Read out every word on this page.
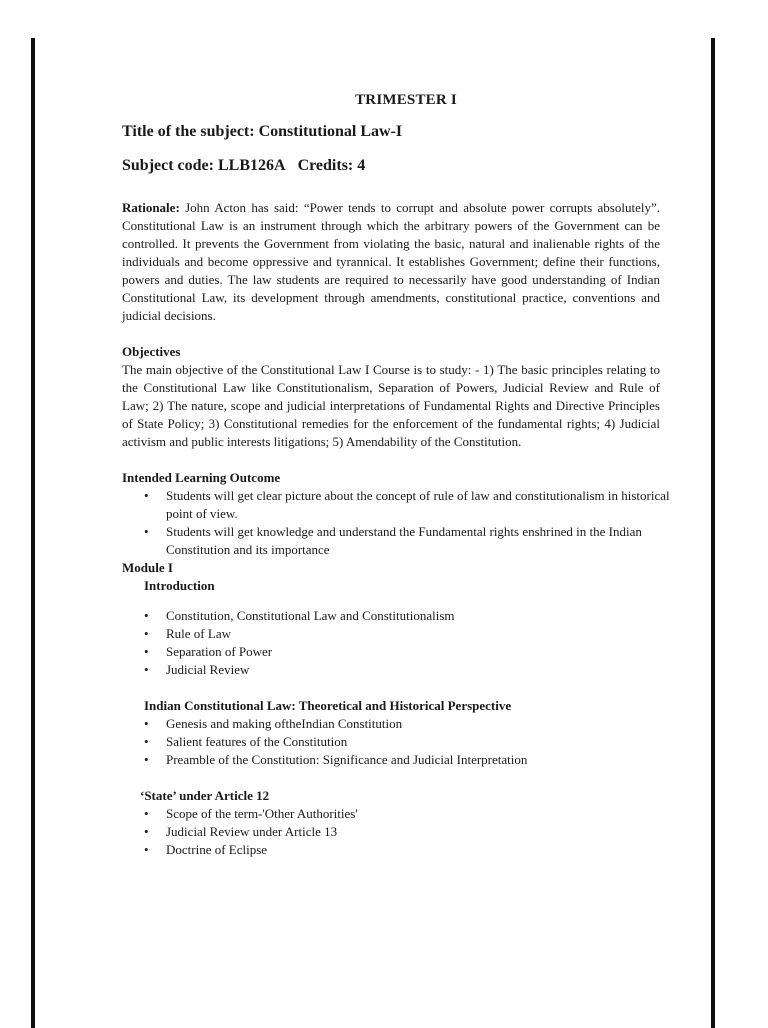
TRIMESTER I

Title of the subject: Constitutional Law-I

Subject code: LLB126A Credits: 4

Rationale: John Acton has said: “Power tends to corrupt and absolute power corrupts absolutely”. Constitutional Law is an instrument through which the arbitrary powers of the Government can be controlled. It prevents the Government from violating the basic, natural and inalienable rights of the individuals and become oppressive and tyrannical. It establishes Government; define their functions, powers and duties. The law students are required to necessarily have good understanding of Indian Constitutional Law, its development through amendments, constitutional practice, conventions and judicial decisions.

Objectives

The main objective of the Constitutional Law I Course is to study: - 1) The basic principles relating to the Constitutional Law like Constitutionalism, Separation of Powers, Judicial Review and Rule of Law; 2) The nature, scope and judicial interpretations of Fundamental Rights and Directive Principles of State Policy; 3) Constitutional remedies for the enforcement of the fundamental rights; 4) Judicial activism and public interests litigations; 5) Amendability of the Constitution.

Intended Learning Outcome

• Students will get clear picture about the concept of rule of law and constitutionalism in historical point of view.
• Students will get knowledge and understand the Fundamental rights enshrined in the Indian Constitution and its importance

Module I

Introduction

• Constitution, Constitutional Law and Constitutionalism
• Rule of Law
• Separation of Power
• Judicial Review

Indian Constitutional Law: Theoretical and Historical Perspective

• Genesis and making oftheIndian Constitution
• Salient features of the Constitution
• Preamble of the Constitution: Significance and Judicial Interpretation

‘State’ under Article 12

• Scope of the term-'Other Authorities'
• Judicial Review under Article 13
• Doctrine of Eclipse
